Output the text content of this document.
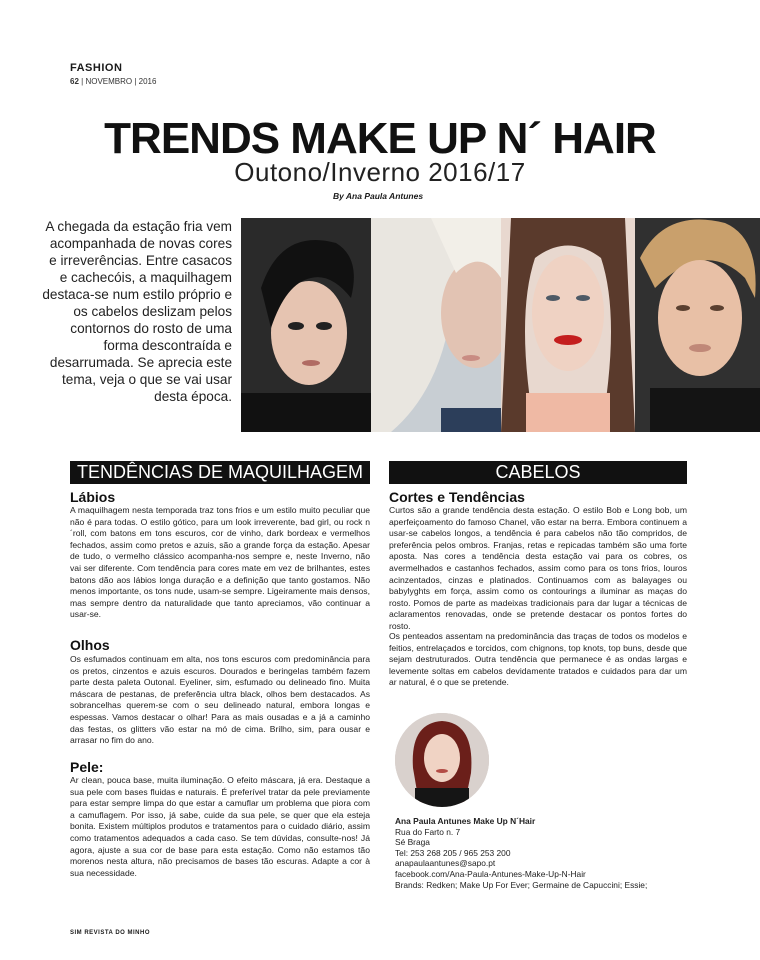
FASHION
62 | NOVEMBRO | 2016
TRENDS MAKE UP N´ HAIR
Outono/Inverno 2016/17
By Ana Paula Antunes
A chegada da estação fria vem acompanhada de novas cores e irreverências. Entre casacos e cachecóis, a maquilhagem destaca-se num estilo próprio e os cabelos deslizam pelos contornos do rosto de uma forma descontraída e desarrumada. Se aprecia este tema, veja o que se vai usar desta época.
TENDÊNCIAS DE MAQUILHAGEM
Lábios
A maquilhagem nesta temporada traz tons frios e um estilo muito peculiar que não é para todas. O estilo gótico, para um look irreverente, bad girl, ou rock n´roll, com batons em tons escuros, cor de vinho, dark bordeax e vermelhos fechados, assim como pretos e azuis, são a grande força da estação. Apesar de tudo, o vermelho clássico acompanha-nos sempre e, neste Inverno, não vai ser diferente. Com tendência para cores mate em vez de brilhantes, estes batons dão aos lábios longa duração e a definição que tanto gostamos. Não menos importante, os tons nude, usam-se sempre. Ligeiramente mais densos, mas sempre dentro da naturalidade que tanto apreciamos, vão continuar a usar-se.
Olhos
Os esfumados continuam em alta, nos tons escuros com predominância para os pretos, cinzentos e azuis escuros. Dourados e beringelas também fazem parte desta paleta Outonal. Eyeliner, sim, esfumado ou delineado fino. Muita máscara de pestanas, de preferência ultra black, olhos bem destacados. As sobrancelhas querem-se com o seu delineado natural, embora longas e espessas. Vamos destacar o olhar! Para as mais ousadas e a já a caminho das festas, os glitters vão estar na mó de cima. Brilho, sim, para ousar e arrasar no fim do ano.
Pele:
Ar clean, pouca base, muita iluminação. O efeito máscara, já era. Destaque a sua pele com bases fluidas e naturais. É preferível tratar da pele previamente para estar sempre limpa do que estar a camuflar um problema que piora com a camuflagem. Por isso, já sabe, cuide da sua pele, se quer que ela esteja bonita. Existem múltiplos produtos e tratamentos para o cuidado diário, assim como tratamentos adequados a cada caso. Se tem dúvidas, consulte-nos! Já agora, ajuste a sua cor de base para esta estação. Como não estamos tão morenos nesta altura, não precisamos de bases tão escuras. Adapte a cor à sua necessidade.
CABELOS
Cortes e Tendências
Curtos são a grande tendência desta estação. O estilo Bob e Long bob, um aperfeiçoamento do famoso Chanel, vão estar na berra. Embora continuem a usar-se cabelos longos, a tendência é para cabelos não tão compridos, de preferência pelos ombros. Franjas, retas e repicadas também são uma forte aposta. Nas cores a tendência desta estação vai para os cobres, os avermelhados e castanhos fechados, assim como para os tons frios, louros acinzentados, cinzas e platinados. Continuamos com as balayages ou babylyghts em força, assim como os contourings a iluminar as maças do rosto. Pomos de parte as madeixas tradicionais para dar lugar a técnicas de aclaramentos renovadas, onde se pretende destacar os pontos fortes do rosto.
Os penteados assentam na predominância das traças de todos os modelos e feitios, entrelaçados e torcidos, com chignons, top knots, top buns, desde que sejam destruturados. Outra tendência que permanece é as ondas largas e levemente soltas em cabelos devidamente tratados e cuidados para dar um ar natural, é o que se pretende.
Ana Paula Antunes Make Up N´Hair
Rua do Farto n. 7
Sé Braga
Tel: 253 268 205 / 965 253 200
anapaulaantunes@sapo.pt
facebook.com/Ana-Paula-Antunes-Make-Up-N-Hair
Brands: Redken; Make Up For Ever; Germaine de Capuccini; Essie;
SIM REVISTA DO MINHO
